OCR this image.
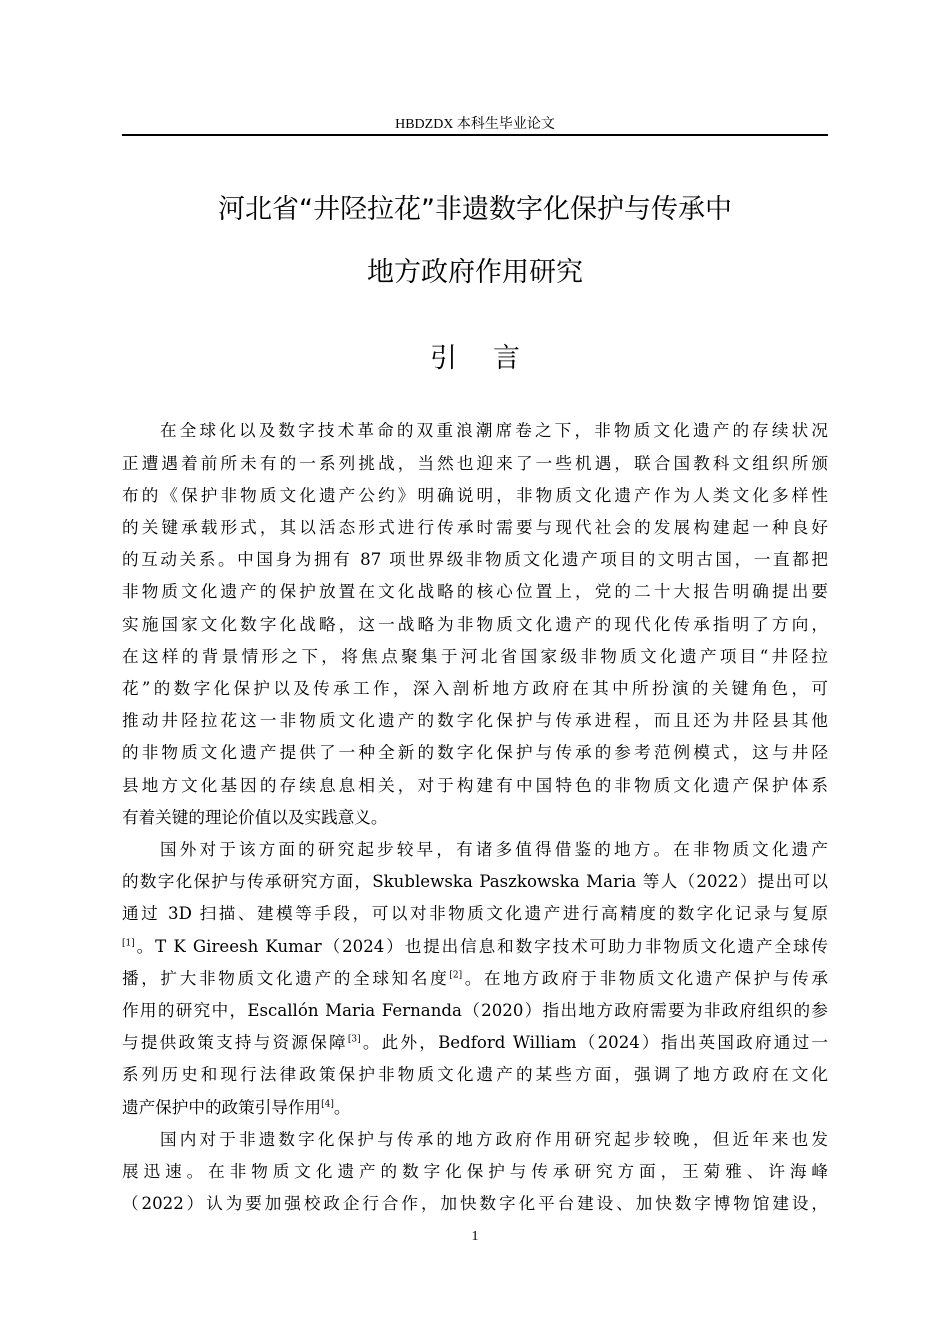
HBDZDX 本科生毕业论文
河北省“井陉拉花”非遗数字化保护与传承中
地方政府作用研究
引言
在全球化以及数字技术革命的双重浪潮席卷之下，非物质文化遗产的存续状况
正遭遇着前所未有的一系列挑战，当然也迎来了一些机遇，联合国教科文组织所颁
布的《保护非物质文化遗产公约》明确说明，非物质文化遗产作为人类文化多样性
的关键承载形式，其以活态形式进行传承时需要与现代社会的发展构建起一种良好
的互动关系。中国身为拥有 87 项世界级非物质文化遗产项目的文明古国，一直都把
非物质文化遗产的保护放置在文化战略的核心位置上，党的二十大报告明确提出要
实施国家文化数字化战略，这一战略为非物质文化遗产的现代化传承指明了方向，
在这样的背景情形之下，将焦点聚集于河北省国家级非物质文化遗产项目“井陉拉
花”的数字化保护以及传承工作，深入剖析地方政府在其中所扮演的关键角色，可
推动井陉拉花这一非物质文化遗产的数字化保护与传承进程，而且还为井陉县其他
的非物质文化遗产提供了一种全新的数字化保护与传承的参考范例模式，这与井陉
县地方文化基因的存续息息相关，对于构建有中国特色的非物质文化遗产保护体系
有着关键的理论价值以及实践意义。
国外对于该方面的研究起步较早，有诸多值得借鉴的地方。在非物质文化遗产
的数字化保护与传承研究方面，Skublewska Paszkowska Maria 等人（2022）提出可以
通过 3D 扫描、建模等手段，可以对非物质文化遗产进行高精度的数字化记录与复原
[1]。T K Gireesh Kumar（2024）也提出信息和数字技术可助力非物质文化遗产全球传
播，扩大非物质文化遗产的全球知名度[2]。在地方政府于非物质文化遗产保护与传承
作用的研究中，Escallón Maria Fernanda（2020）指出地方政府需要为非政府组织的参
与提供政策支持与资源保障[3]。此外，Bedford William（2024）指出英国政府通过一
系列历史和现行法律政策保护非物质文化遗产的某些方面，强调了地方政府在文化
遗产保护中的政策引导作用[4]。
国内对于非遗数字化保护与传承的地方政府作用研究起步较晚，但近年来也发
展迅速。在非物质文化遗产的数字化保护与传承研究方面，王菊雅、许海峰
（2022）认为要加强校政企行合作，加快数字化平台建设、加快数字博物馆建设，
1
